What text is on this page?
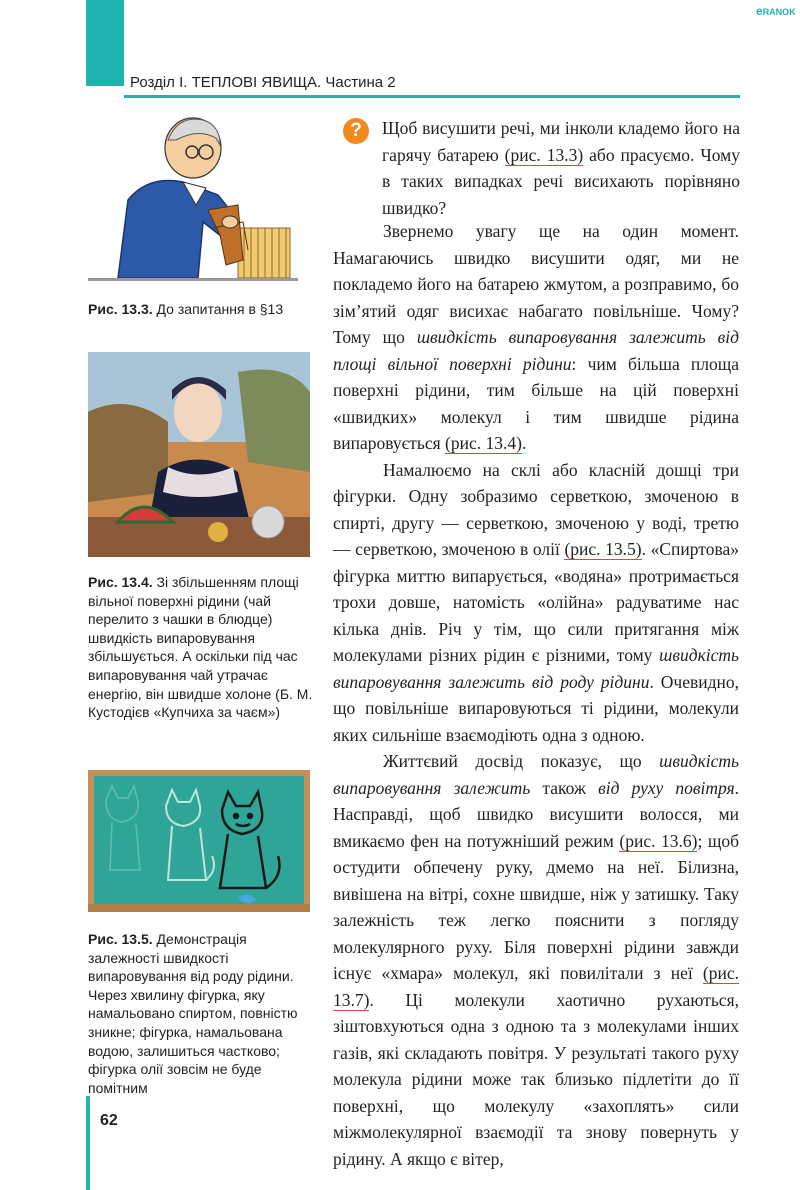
Розділ I. ТЕПЛОВІ ЯВИЩА. Частина 2
eRANOK
Рис. 13.3. До запитання в §13
Рис. 13.4. Зі збільшенням площі вільної поверхні рідини (чай перелито з чашки в блюдце) швидкість випаровування збільшується. А оскільки під час випаровування чай утрачає енергію, він швидше холоне (Б. М. Кустодієв «Купчиха за чаєм»)
Рис. 13.5. Демонстрація залежності швидкості випаровування від роду рідини. Через хвилину фігурка, яку намальовано спиртом, повністю зникне; фігурка, намальована водою, залишиться частково; фігурка олії зовсім не буде помітним
?	Щоб висушити речі, ми інколи кладемо його на гарячу батарею (рис. 13.3) або прасуємо. Чому в таких випадках речі висихають порівняно швидко?

Звернемо увагу ще на один момент. Намагаючись швидко висушити одяг, ми не покладемо його на батарею жмутом, а розправимо, бо зім’ятий одяг висихає набагато повільніше. Чому? Тому що швидкість випаровування залежить від площі вільної поверхні рідини: чим більша площа поверхні рідини, тим більше на цій поверхні «швидких» молекул і тим швидше рідина випаровується (рис. 13.4).

Намалюємо на склі або класній дошці три фігурки. Одну зобразимо серветкою, змоченою в спирті, другу — серветкою, змоченою у воді, третю — серветкою, змоченою в олії (рис. 13.5). «Спиртова» фігурка миттю випарується, «водяна» протримається трохи довше, натомість «олійна» радуватиме нас кілька днів. Річ у тім, що сили притягання між молекулами різних рідин є різними, тому швидкість випаровування залежить від роду рідини. Очевидно, що повільніше випаровуються ті рідини, молекули яких сильніше взаємодіють одна з одною.

Життєвий досвід показує, що швидкість випаровування залежить також від руху повітря. Насправді, щоб швидко висушити волосся, ми вмикаємо фен на потужніший режим (рис. 13.6); щоб остудити обпечену руку, дмемо на неї. Білизна, вивішена на вітрі, сохне швидше, ніж у затишку. Таку залежність теж легко пояснити з погляду молекулярного руху. Біля поверхні рідини завжди існує «хмара» молекул, які повилітали з неї (рис. 13.7). Ці молекули хаотично рухаються, зіштовхуються одна з одною та з молекулами інших газів, які складають повітря. У результаті такого руху молекула рідини може так близько підлетіти до її поверхні, що молекулу «захоплять» сили міжмолекулярної взаємодії та знову повернуть у рідину. А якщо є вітер,

62
